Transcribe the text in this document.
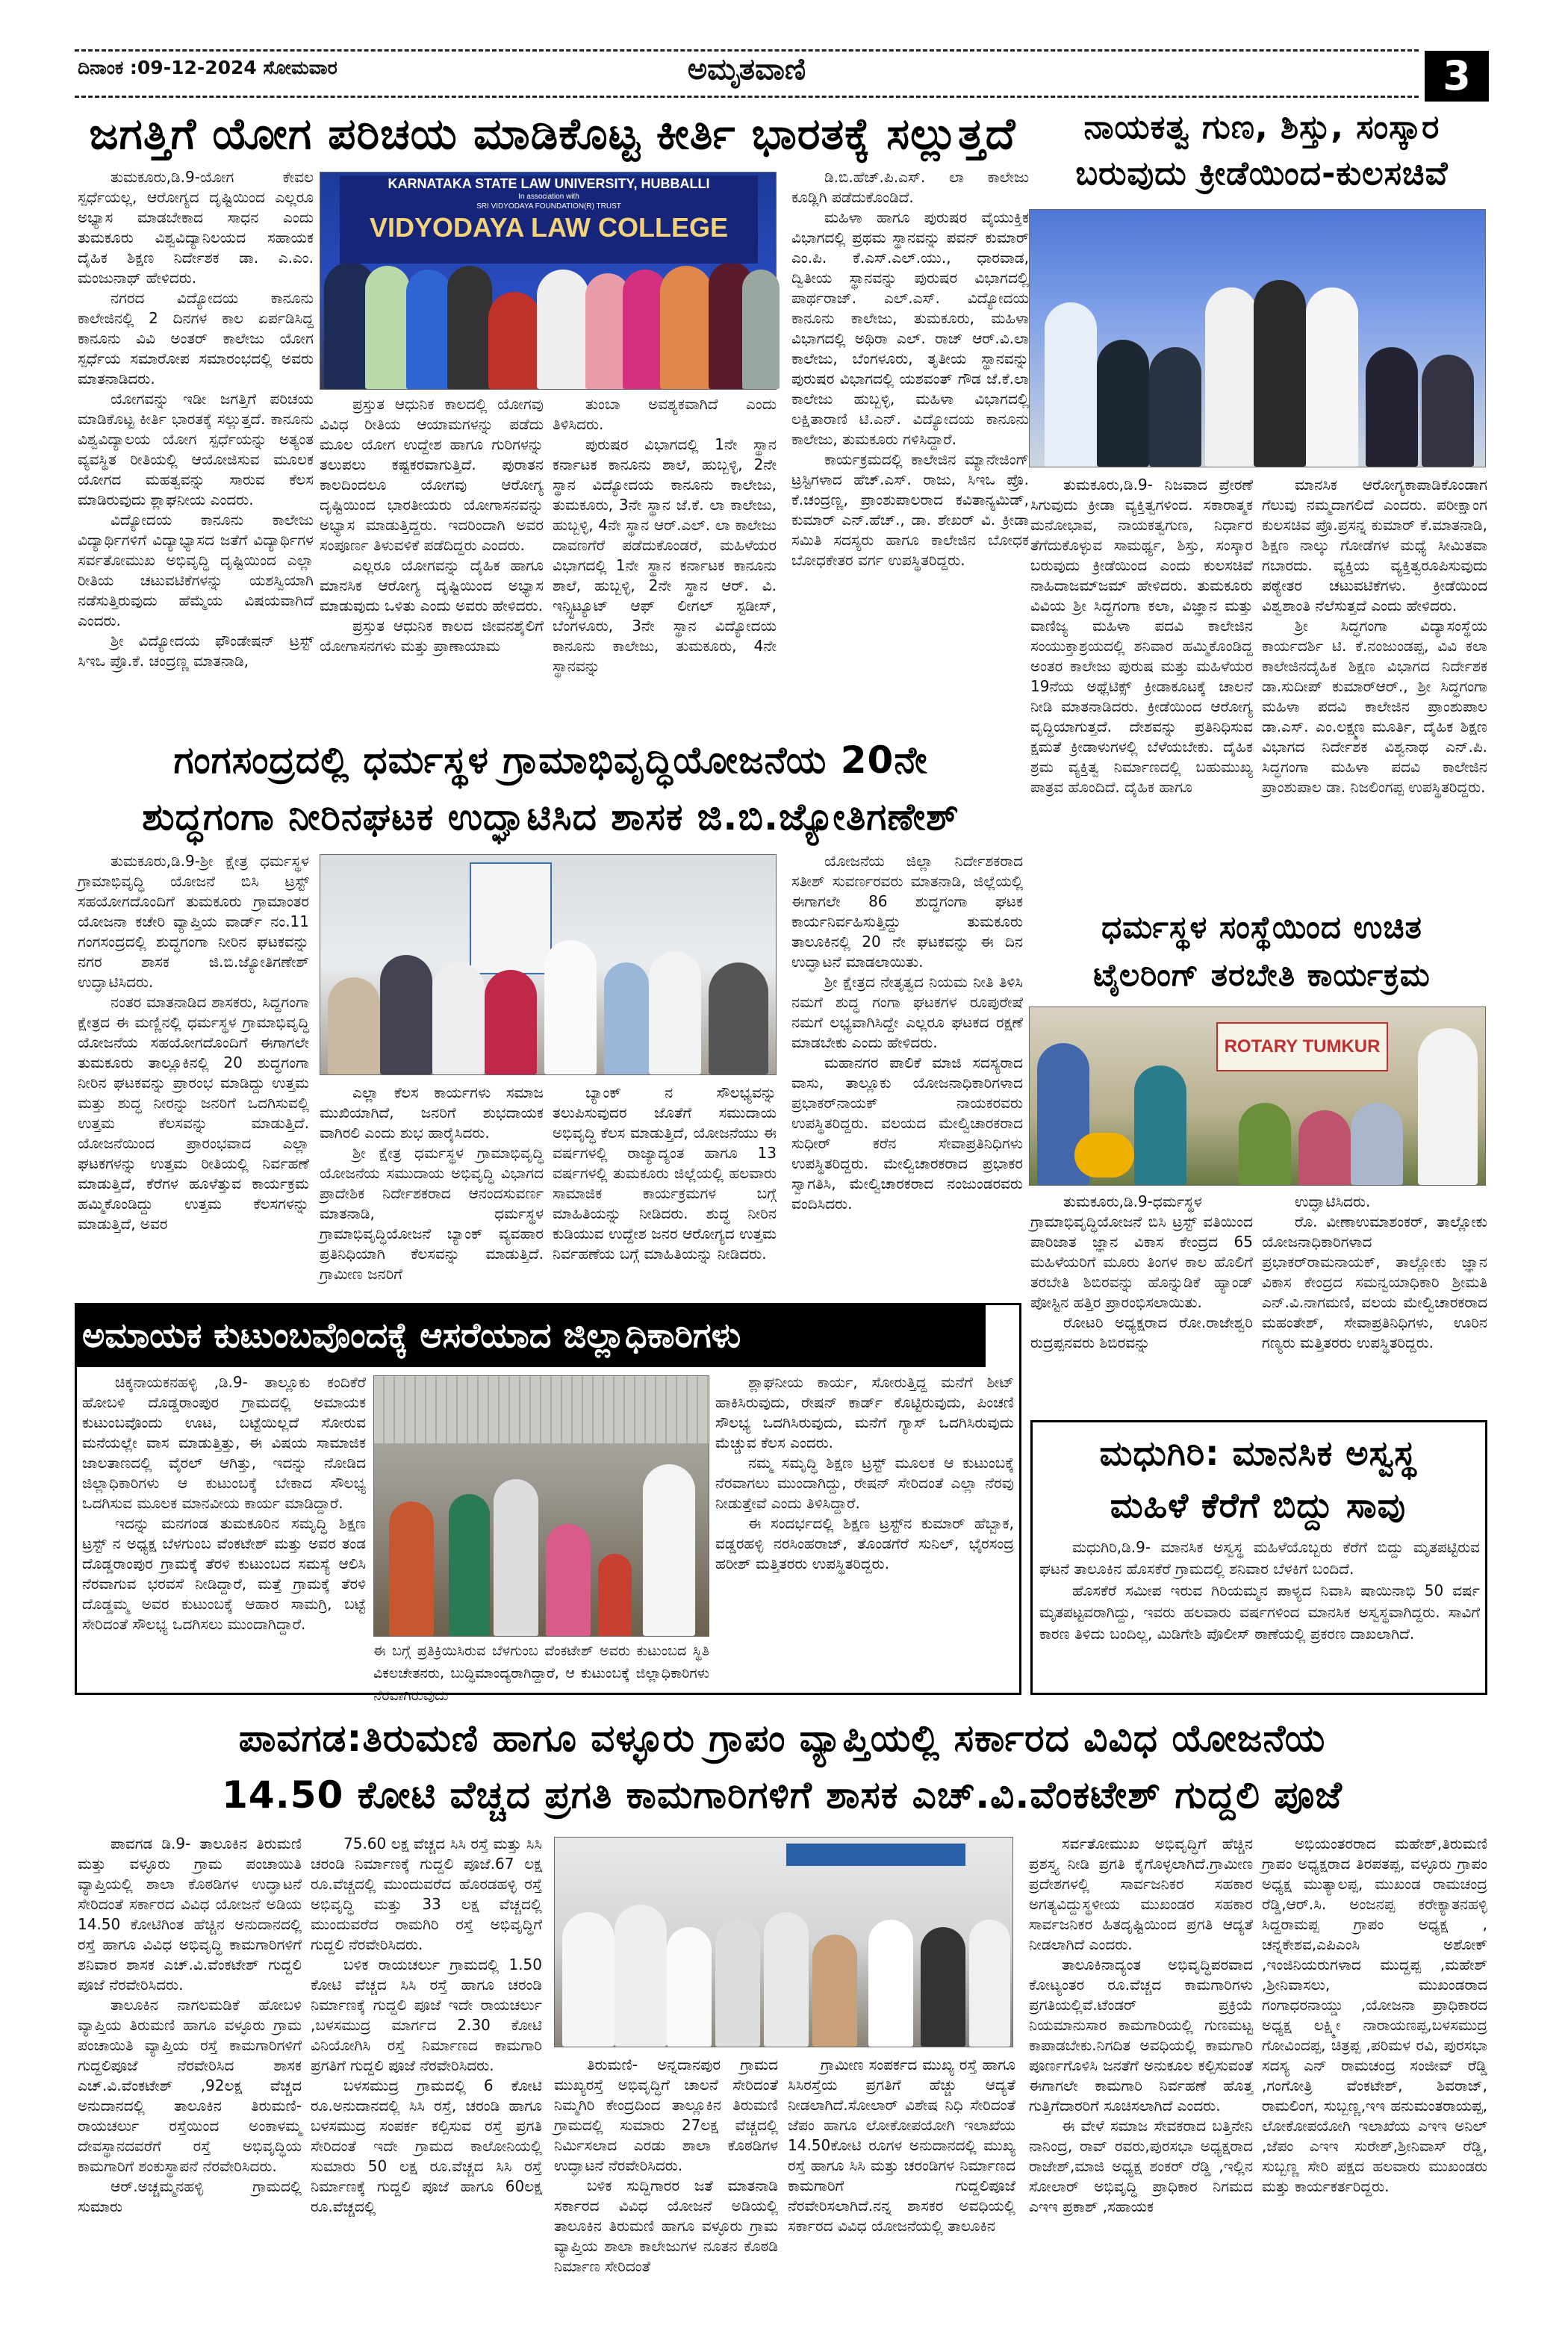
ದಿನಾಂಕ :09-12-2024 ಸೋಮವಾರ	ಅಮೃತವಾಣಿ	3
ಜಗತ್ತಿಗೆ ಯೋಗ ಪರಿಚಯ ಮಾಡಿಕೊಟ್ಟ ಕೀರ್ತಿ ಭಾರತಕ್ಕೆ ಸಲ್ಲುತ್ತದೆ

ತುಮಕೂರು,ಡಿ.9-ಯೋಗ ಕೇವಲ ಸ್ಪರ್ಧೆಯಲ್ಲ, ಆರೋಗ್ಯದ ದೃಷ್ಟಿಯಿಂದ ಎಲ್ಲರೂ ಅಭ್ಯಾಸ ಮಾಡಬೇಕಾದ ಸಾಧನ ಎಂದು ತುಮಕೂರು ವಿಶ್ವವಿದ್ಯಾನಿಲಯದ ಸಹಾಯಕ ದೈಹಿಕ ಶಿಕ್ಷಣ ನಿರ್ದೇಶಕ ಡಾ. ಎ.ಎಂ. ಮಂಜುನಾಥ್ ಹೇಳಿದರು.

ನಗರದ ವಿದ್ಯೋದಯ ಕಾನೂನು ಕಾಲೇಜಿನಲ್ಲಿ 2 ದಿನಗಳ ಕಾಲ ಏರ್ಪಡಿಸಿದ್ದ ಕಾನೂನು ವಿವಿ ಅಂತರ್ ಕಾಲೇಜು ಯೋಗ ಸ್ಪರ್ಧೆಯ ಸಮಾರೋಪ ಸಮಾರಂಭದಲ್ಲಿ ಅವರು ಮಾತನಾಡಿದರು.

ಯೋಗವನ್ನು ಇಡೀ ಜಗತ್ತಿಗೆ ಪರಿಚಯ ಮಾಡಿಕೊಟ್ಟ ಕೀರ್ತಿ ಭಾರತಕ್ಕೆ ಸಲ್ಲುತ್ತದೆ. ಕಾನೂನು ವಿಶ್ವವಿದ್ಯಾಲಯ ಯೋಗ ಸ್ಪರ್ಧೆಯನ್ನು ಅತ್ಯಂತ ವ್ಯವಸ್ಥಿತ ರೀತಿಯಲ್ಲಿ ಆಯೋಜಿಸುವ ಮೂಲಕ ಯೋಗದ ಮಹತ್ವವನ್ನು ಸಾರುವ ಕೆಲಸ ಮಾಡಿರುವುದು ಶ್ಲಾಘನೀಯ ಎಂದರು.

ವಿದ್ಯೋದಯ ಕಾನೂನು ಕಾಲೇಜು ವಿದ್ಯಾರ್ಥಿಗಳಿಗೆ ವಿದ್ಯಾಭ್ಯಾಸದ ಜತೆಗೆ ವಿದ್ಯಾರ್ಥಿಗಳ ಸರ್ವತೋಮುಖ ಅಭಿವೃದ್ಧಿ ದೃಷ್ಟಿಯಿಂದ ಎಲ್ಲಾ ರೀತಿಯ ಚಟುವಟಿಕೆಗಳನ್ನು ಯಶಸ್ವಿಯಾಗಿ ನಡೆಸುತ್ತಿರುವುದು ಹೆಮ್ಮೆಯ ವಿಷಯವಾಗಿದೆ ಎಂದರು.

ಶ್ರೀ ವಿದ್ಯೋದಯ ಫೌಂಡೇಷನ್ ಟ್ರಸ್ಟ್ ಸಿಇಒ ಪ್ರೊ.ಕೆ. ಚಂದ್ರಣ್ಣ ಮಾತನಾಡಿ,

KARNATAKA STATE LAW UNIVERSITY, HUBBALLI
In association with
SRI VIDYODAYA FOUNDATION(R) TRUST
VIDYODAYA LAW COLLEGE

ಪ್ರಸ್ತುತ ಆಧುನಿಕ ಕಾಲದಲ್ಲಿ ಯೋಗವು ವಿವಿಧ ರೀತಿಯ ಆಯಾಮಗಳನ್ನು ಪಡೆದು ಮೂಲ ಯೋಗ ಉದ್ದೇಶ ಹಾಗೂ ಗುರಿಗಳನ್ನು ತಲುಪಲು ಕಷ್ಟಕರವಾಗುತ್ತಿದೆ. ಪುರಾತನ ಕಾಲದಿಂದಲೂ ಯೋಗವು ಆರೋಗ್ಯ ದೃಷ್ಟಿಯಿಂದ ಭಾರತೀಯರು ಯೋಗಾಸನವನ್ನು ಅಭ್ಯಾಸ ಮಾಡುತ್ತಿದ್ದರು. ಇದರಿಂದಾಗಿ ಅವರ ಸಂಪೂರ್ಣ ತಿಳುವಳಿಕೆ ಪಡೆದಿದ್ದರು ಎಂದರು.

ಎಲ್ಲರೂ ಯೋಗವನ್ನು ದೈಹಿಕ ಹಾಗೂ ಮಾನಸಿಕ ಆರೋಗ್ಯ ದೃಷ್ಟಿಯಿಂದ ಅಭ್ಯಾಸ ಮಾಡುವುದು ಒಳಿತು ಎಂದು ಅವರು ಹೇಳಿದರು.

ಪ್ರಸ್ತುತ ಆಧುನಿಕ ಕಾಲದ ಜೀವನಶೈಲಿಗೆ ಯೋಗಾಸನಗಳು ಮತ್ತು ಪ್ರಾಣಾಯಾಮ

ತುಂಬಾ ಅವಶ್ಯಕವಾಗಿದೆ ಎಂದು ತಿಳಿಸಿದರು.

ಪುರುಷರ ವಿಭಾಗದಲ್ಲಿ 1ನೇ ಸ್ಥಾನ ಕರ್ನಾಟಕ ಕಾನೂನು ಶಾಲೆ, ಹುಬ್ಬಳ್ಳಿ, 2ನೇ ಸ್ಥಾನ ವಿದ್ಯೋದಯ ಕಾನೂನು ಕಾಲೇಜು, ತುಮಕೂರು, 3ನೇ ಸ್ಥಾನ ಜೆ.ಕೆ. ಲಾ ಕಾಲೇಜು, ಹುಬ್ಬಳ್ಳಿ, 4ನೇ ಸ್ಥಾನ ಆರ್.ಎಲ್. ಲಾ ಕಾಲೇಜು ದಾವಣಗೆರೆ ಪಡೆದುಕೊಂಡರೆ, ಮಹಿಳೆಯರ ವಿಭಾಗದಲ್ಲಿ 1ನೇ ಸ್ಥಾನ ಕರ್ನಾಟಕ ಕಾನೂನು ಶಾಲೆ, ಹುಬ್ಬಳ್ಳಿ, 2ನೇ ಸ್ಥಾನ ಆರ್. ವಿ. ಇನ್ಸ್ಟಿಟ್ಯೂಟ್ ಆಫ್ ಲೀಗಲ್ ಸ್ಟಡೀಸ್, ಬೆಂಗಳೂರು, 3ನೇ ಸ್ಥಾನ ವಿದ್ಯೋದಯ ಕಾನೂನು ಕಾಲೇಜು, ತುಮಕೂರು, 4ನೇ ಸ್ಥಾನವನ್ನು

ಡಿ.ಬಿ.ಹೆಚ್.ಪಿ.ಎಸ್. ಲಾ ಕಾಲೇಜು ಕೂಡ್ಲಿಗಿ ಪಡೆದುಕೊಂಡಿದೆ.

ಮಹಿಳಾ ಹಾಗೂ ಪುರುಷರ ವೈಯುಕ್ತಿಕ ವಿಭಾಗದಲ್ಲಿ ಪ್ರಥಮ ಸ್ಥಾನವನ್ನು ಪವನ್ ಕುಮಾರ್ ಎಂ.ಪಿ. ಕೆ.ಎಸ್.ಎಲ್.ಯು., ಧಾರವಾಡ, ದ್ವಿತೀಯ ಸ್ಥಾನವನ್ನು ಪುರುಷರ ವಿಭಾಗದಲ್ಲಿ ಪಾರ್ಥರಾಜ್. ಎಲ್.ಎಸ್. ವಿದ್ಯೋದಯ ಕಾನೂನು ಕಾಲೇಜು, ತುಮಕೂರು, ಮಹಿಳಾ ವಿಭಾಗದಲ್ಲಿ ಅಥಿರಾ ಎಲ್. ರಾಜ್ ಆರ್.ವಿ.ಲಾ ಕಾಲೇಜು, ಬೆಂಗಳೂರು, ತೃತೀಯ ಸ್ಥಾನವನ್ನು ಪುರುಷರ ವಿಭಾಗದಲ್ಲಿ ಯಶವಂತ್ ಗೌಡ ಜೆ.ಕೆ.ಲಾ ಕಾಲೇಜು ಹುಬ್ಬಳ್ಳಿ, ಮಹಿಳಾ ವಿಭಾಗದಲ್ಲಿ ಲಕ್ಷಿತಾರಾಣಿ ಟಿ.ಎನ್. ವಿದ್ಯೋದಯ ಕಾನೂನು ಕಾಲೇಜು, ತುಮಕೂರು ಗಳಿಸಿದ್ದಾರೆ.

ಕಾರ್ಯಕ್ರಮದಲ್ಲಿ ಕಾಲೇಜಿನ ಮ್ಯಾನೇಜಿಂಗ್ ಟ್ರಸ್ಟಿಗಳಾದ ಹೆಚ್.ಎಸ್. ರಾಜು, ಸಿಇಒ ಪ್ರೊ. ಕೆ.ಚಂದ್ರಣ್ಣ, ಪ್ರಾಂಶುಪಾಲರಾದ ಕವಿತಾನ್ಯಮಿಡ್, ಕುಮಾರ್ ಎನ್.ಹೆಚ್., ಡಾ. ಶೇಖರ್ ವಿ. ಕ್ರೀಡಾ ಸಮಿತಿ ಸದಸ್ಯರು ಹಾಗೂ ಕಾಲೇಜಿನ ಬೋಧಕ ಬೋಧಕೇತರ ವರ್ಗ ಉಪಸ್ಥಿತರಿದ್ದರು.

ನಾಯಕತ್ವ ಗುಣ, ಶಿಸ್ತು, ಸಂಸ್ಕಾರ
ಬರುವುದು ಕ್ರೀಡೆಯಿಂದ-ಕುಲಸಚಿವೆ

ತುಮಕೂರು,ಡಿ.9- ನಿಜವಾದ ಪ್ರೇರಣೆ ಸಿಗುವುದು ಕ್ರೀಡಾ ವ್ಯಕ್ತಿತ್ವಗಳಿಂದ. ಸಕಾರಾತ್ಮಕ ಮನೋಭಾವ, ನಾಯಕತ್ವಗುಣ, ನಿರ್ಧಾರ ತೆಗೆದುಕೊಳ್ಳುವ ಸಾಮರ್ಥ್ಯ, ಶಿಸ್ತು, ಸಂಸ್ಕಾರ ಬರುವುದು ಕ್ರೀಡೆಯಿಂದ ಎಂದು ಕುಲಸಚಿವೆ ನಾಹಿದಾಜಮ್‌ಜಮ್ ಹೇಳಿದರು. ತುಮಕೂರು ವಿವಿಯ ಶ್ರೀ ಸಿದ್ಧಗಂಗಾ ಕಲಾ, ವಿಜ್ಞಾನ ಮತ್ತು ವಾಣಿಜ್ಯ ಮಹಿಳಾ ಪದವಿ ಕಾಲೇಜಿನ ಸಂಯುಕ್ತಾಶ್ರಯದಲ್ಲಿ ಶನಿವಾರ ಹಮ್ಮಿಕೊಂಡಿದ್ದ ಅಂತರ ಕಾಲೇಜು ಪುರುಷ ಮತ್ತು ಮಹಿಳೆಯರ 19ನೆಯ ಅಥ್ಲೆಟಿಕ್ಸ್ ಕ್ರೀಡಾಕೂಟಕ್ಕೆ ಚಾಲನೆ ನೀಡಿ ಮಾತನಾಡಿದರು. ಕ್ರೀಡೆಯಿಂದ ಆರೋಗ್ಯ ವೃದ್ಧಿಯಾಗುತ್ತದೆ. ದೇಶವನ್ನು ಪ್ರತಿನಿಧಿಸುವ ಕ್ಷಮತೆ ಕ್ರೀಡಾಳುಗಳಲ್ಲಿ ಬೆಳೆಯಬೇಕು. ದೈಹಿಕ ಶ್ರಮ ವ್ಯಕ್ತಿತ್ವ ನಿರ್ಮಾಣದಲ್ಲಿ ಬಹುಮುಖ್ಯ ಪಾತ್ರವ ಹೊಂದಿದೆ. ದೈಹಿಕ ಹಾಗೂ

ಮಾನಸಿಕ ಆರೋಗ್ಯಕಾಪಾಡಿಕೊಂಡಾಗ ಗೆಲುವು ನಮ್ಮದಾಗಲಿದೆ ಎಂದರು. ಪರೀಕ್ಷಾಂಗ ಕುಲಸಚಿವ ಪ್ರೊ.ಪ್ರಸನ್ನ ಕುಮಾರ್ ಕೆ.ಮಾತನಾಡಿ, ಶಿಕ್ಷಣ ನಾಲ್ಕು ಗೋಡೆಗಳ ಮಧ್ಯೆ ಸೀಮಿತವಾ ಗಬಾರದು. ವ್ಯಕ್ತಿಯ ವ್ಯಕ್ತಿತ್ವರೂಪಿಸುವುದು ಪಠ್ಯೇತರ ಚಟುವಟಿಕೆಗಳು. ಕ್ರೀಡೆಯಿಂದ ವಿಶ್ವಶಾಂತಿ ನೆಲೆಸುತ್ತದೆ ಎಂದು ಹೇಳಿದರು.

ಶ್ರೀ ಸಿದ್ಧಗಂಗಾ ವಿದ್ಯಾಸಂಸ್ಥೆಯ ಕಾರ್ಯದರ್ಶಿ ಟಿ. ಕೆ.ನಂಜುಂಡಪ್ಪ, ವಿವಿ ಕಲಾ ಕಾಲೇಜಿನದೈಹಿಕ ಶಿಕ್ಷಣ ವಿಭಾಗದ ನಿರ್ದೇಶಕ ಡಾ.ಸುದೀಪ್ ಕುಮಾರ್‌ಆರ್., ಶ್ರೀ ಸಿದ್ಧಗಂಗಾ ಮಹಿಳಾ ಪದವಿ ಕಾಲೇಜಿನ ಪ್ರಾಂಶುಪಾಲ ಡಾ.ಎಸ್. ಎಂ.ಲಕ್ಷ್ಮಣ ಮೂರ್ತಿ, ದೈಹಿಕ ಶಿಕ್ಷಣ ವಿಭಾಗದ ನಿರ್ದೇಶಕ ವಿಶ್ವನಾಥ ಎನ್.ಪಿ. ಸಿದ್ಧಗಂಗಾ ಮಹಿಳಾ ಪದವಿ ಕಾಲೇಜಿನ ಪ್ರಾಂಶುಪಾಲ ಡಾ. ನಿಜಲಿಂಗಪ್ಪ ಉಪಸ್ಥಿತರಿದ್ದರು.

ಗಂಗಸಂದ್ರದಲ್ಲಿ ಧರ್ಮಸ್ಥಳ ಗ್ರಾಮಾಭಿವೃದ್ಧಿಯೋಜನೆಯ 20ನೇ
ಶುದ್ಧಗಂಗಾ ನೀರಿನಘಟಕ ಉದ್ಘಾಟಿಸಿದ ಶಾಸಕ ಜಿ.ಬಿ.ಜ್ಯೋತಿಗಣೇಶ್

ತುಮಕೂರು,ಡಿ.9-ಶ್ರೀ ಕ್ಷೇತ್ರ ಧರ್ಮಸ್ಥಳ ಗ್ರಾಮಾಭಿವೃದ್ಧಿ ಯೋಜನೆ ಬಿಸಿ ಟ್ರಸ್ಟ್ ಸಹಯೋಗದೊಂದಿಗೆ ತುಮಕೂರು ಗ್ರಾಮಾಂತರ ಯೋಜನಾ ಕಚೇರಿ ವ್ಯಾಪ್ತಿಯ ವಾರ್ಡ್ ನಂ.11 ಗಂಗಸಂದ್ರದಲ್ಲಿ ಶುದ್ಧಗಂಗಾ ನೀರಿನ ಘಟಕವನ್ನು ನಗರ ಶಾಸಕ ಜಿ.ಬಿ.ಜ್ಯೋತಿಗಣೇಶ್ ಉದ್ಘಾಟಿಸಿದರು.

ನಂತರ ಮಾತನಾಡಿದ ಶಾಸಕರು, ಸಿದ್ದಗಂಗಾ ಕ್ಷೇತ್ರದ ಈ ಮಣ್ಣಿನಲ್ಲಿ ಧರ್ಮಸ್ಥಳ ಗ್ರಾಮಾಭಿವೃದ್ಧಿ ಯೋಜನೆಯ ಸಹಯೋಗದೊಂದಿಗೆ ಈಗಾಗಲೇ ತುಮಕೂರು ತಾಲ್ಲೂಕಿನಲ್ಲಿ 20 ಶುದ್ಧಗಂಗಾ ನೀರಿನ ಘಟಕವನ್ನು ಪ್ರಾರಂಭ ಮಾಡಿದ್ದು ಉತ್ತಮ ಮತ್ತು ಶುದ್ಧ ನೀರನ್ನು ಜನರಿಗೆ ಒದಗಿಸುವಲ್ಲಿ ಉತ್ತಮ ಕೆಲಸವನ್ನು ಮಾಡುತ್ತಿದೆ. ಯೋಜನೆಯಿಂದ ಪ್ರಾರಂಭವಾದ ಎಲ್ಲಾ ಘಟಕಗಳನ್ನು ಉತ್ತಮ ರೀತಿಯಲ್ಲಿ ನಿರ್ವಹಣೆ ಮಾಡುತ್ತಿದೆ, ಕೆರೆಗಳ ಹೂಳೆತ್ತುವ ಕಾರ್ಯಕ್ರಮ ಹಮ್ಮಿಕೊಂಡಿದ್ದು ಉತ್ತಮ ಕೆಲಸಗಳನ್ನು ಮಾಡುತ್ತಿದೆ, ಅವರ

ಎಲ್ಲಾ ಕೆಲಸ ಕಾರ್ಯಗಳು ಸಮಾಜ ಮುಖಿಯಾಗಿದೆ, ಜನರಿಗೆ ಶುಭದಾಯಕ ವಾಗಿರಲಿ ಎಂದು ಶುಭ ಹಾರೈಸಿದರು.

ಶ್ರೀ ಕ್ಷೇತ್ರ ಧರ್ಮಸ್ಥಳ ಗ್ರಾಮಾಭಿವೃದ್ಧಿ ಯೋಜನೆಯ ಸಮುದಾಯ ಅಭಿವೃದ್ಧಿ ವಿಭಾಗದ ಪ್ರಾದೇಶಿಕ ನಿರ್ದೇಶಕರಾದ ಆನಂದಸುವರ್ಣ ಮಾತನಾಡಿ, ಧರ್ಮಸ್ಥಳ ಗ್ರಾಮಾಭಿವೃದ್ಧಿಯೋಜನೆ ಬ್ಯಾಂಕ್ ವ್ಯವಹಾರ ಪ್ರತಿನಿಧಿಯಾಗಿ ಕೆಲಸವನ್ನು ಮಾಡುತ್ತಿದೆ. ಗ್ರಾಮೀಣ ಜನರಿಗೆ

ಬ್ಯಾಂಕ್ ನ ಸೌಲಭ್ಯವನ್ನು ತಲುಪಿಸುವುದರ ಜೊತೆಗೆ ಸಮುದಾಯ ಅಭಿವೃದ್ಧಿ ಕೆಲಸ ಮಾಡುತ್ತಿದೆ, ಯೋಜನೆಯು ಈ ವರ್ಷಗಳಲ್ಲಿ ರಾಜ್ಯಾದ್ಯಂತ ಹಾಗೂ 13 ವರ್ಷಗಳಲ್ಲಿ ತುಮಕೂರು ಜಿಲ್ಲೆಯಲ್ಲಿ ಹಲವಾರು ಸಾಮಾಜಿಕ ಕಾರ್ಯಕ್ರಮಗಳ ಬಗ್ಗೆ ಮಾಹಿತಿಯನ್ನು ನೀಡಿದರು. ಶುದ್ಧ ನೀರಿನ ಕುಡಿಯುವ ಉದ್ದೇಶ ಜನರ ಆರೋಗ್ಯದ ಉತ್ತಮ ನಿರ್ವಹಣೆಯ ಬಗ್ಗೆ ಮಾಹಿತಿಯನ್ನು ನೀಡಿದರು.

ಯೋಜನೆಯ ಜಿಲ್ಲಾ ನಿರ್ದೇಶಕರಾದ ಸತೀಶ್ ಸುವರ್ಣರವರು ಮಾತನಾಡಿ, ಜಿಲ್ಲೆಯಲ್ಲಿ ಈಗಾಗಲೇ 86 ಶುದ್ಧಗಂಗಾ ಘಟಕ ಕಾರ್ಯನಿರ್ವಹಿಸುತ್ತಿದ್ದು ತುಮಕೂರು ತಾಲೂಕಿನಲ್ಲಿ 20 ನೇ ಘಟಕವನ್ನು ಈ ದಿನ ಉದ್ಘಾಟನೆ ಮಾಡಲಾಯಿತು.

ಶ್ರೀ ಕ್ಷೇತ್ರದ ನೇತೃತ್ವದ ನಿಯಮ ನೀತಿ ತಿಳಿಸಿ ನಮಗೆ ಶುದ್ಧ ಗಂಗಾ ಘಟಕಗಳ ರೂಪುರೇಷೆ ನಮಗೆ ಲಭ್ಯವಾಗಿಸಿದ್ದೇ ಎಲ್ಲರೂ ಘಟಕದ ರಕ್ಷಣೆ ಮಾಡಬೇಕು ಎಂದು ಹೇಳಿದರು.

ಮಹಾನಗರ ಪಾಲಿಕೆ ಮಾಜಿ ಸದಸ್ಯರಾದ ವಾಸು, ತಾಲ್ಲೂಕು ಯೋಜನಾಧಿಕಾರಿಗಳಾದ ಪ್ರಭಾಕರ್‌ನಾಯಕ್ ನಾಯಕರವರು ಉಪಸ್ಥಿತರಿದ್ದರು. ವಲಯದ ಮೇಲ್ವಿಚಾರಕರಾದ ಸುಧೀರ್ ಕರೆನ ಸೇವಾಪ್ರತಿನಿಧಿಗಳು ಉಪಸ್ಥಿತರಿದ್ದರು. ಮೇಲ್ವಿಚಾರಕರಾದ ಪ್ರಭಾಕರ ಸ್ವಾಗತಿಸಿ, ಮೇಲ್ವಿಚಾರಕರಾದ ನಂಜುಂಡರವರು ವಂದಿಸಿದರು.

ಧರ್ಮಸ್ಥಳ ಸಂಸ್ಥೆಯಿಂದ ಉಚಿತ
ಟೈಲರಿಂಗ್ ತರಬೇತಿ ಕಾರ್ಯಕ್ರಮ
ROTARY TUMKUR

ತುಮಕೂರು,ಡಿ.9-ಧರ್ಮಸ್ಥಳ ಗ್ರಾಮಾಭಿವೃದ್ಧಿಯೋಜನೆ ಬಿಸಿ ಟ್ರಸ್ಟ್ ವತಿಯಿಂದ ಪಾರಿಜಾತ ಜ್ಞಾನ ವಿಕಾಸ ಕೇಂದ್ರದ 65 ಮಹಿಳೆಯರಿಗೆ ಮೂರು ತಿಂಗಳ ಕಾಲ ಹೊಲಿಗೆ ತರಬೇತಿ ಶಿಬಿರವನ್ನು ಹೊನ್ನುಡಿಕೆ ಹ್ಯಾಂಡ್ ಪೋಸ್ಟಿನ ಹತ್ತಿರ ಪ್ರಾರಂಭಿಸಲಾಯಿತು.

ರೋಟರಿ ಅಧ್ಯಕ್ಷರಾದ ರೋ.ರಾಜೇಶ್ವರಿ ರುದ್ರಪ್ಪನವರು ಶಿಬಿರವನ್ನು

ಉದ್ಘಾಟಿಸಿದರು.

ರೊ. ವೀಣಾಉಮಾಶಂಕರ್, ತಾಲ್ಲೋಕು ಯೋಜನಾಧಿಕಾರಿಗಳಾದ ಪ್ರಭಾಕರ್‌ರಾಮನಾಯಕ್, ತಾಲ್ಲೋಕು ಜ್ಞಾನ ವಿಕಾಸ ಕೇಂದ್ರದ ಸಮನ್ವಯಾಧಿಕಾರಿ ಶ್ರೀಮತಿ ಎನ್.ವಿ.ನಾಗಮಣಿ, ವಲಯ ಮೇಲ್ವಿಚಾರಕರಾದ ಮಹಂತೇಶ್, ಸೇವಾಪ್ರತಿನಿಧಿಗಳು, ಊರಿನ ಗಣ್ಯರು ಮತ್ತಿತರರು ಉಪಸ್ಥಿತರಿದ್ದರು.

ಅಮಾಯಕ ಕುಟುಂಬವೊಂದಕ್ಕೆ ಆಸರೆಯಾದ ಜಿಲ್ಲಾಧಿಕಾರಿಗಳು

ಚಿಕ್ಕನಾಯಕನಹಳ್ಳಿ ,ಡಿ.9- ತಾಲ್ಲೂಕು ಕಂದಿಕೆರೆ ಹೋಬಳಿ ದೊಡ್ಡರಾಂಪುರ ಗ್ರಾಮದಲ್ಲಿ ಅಮಾಯಕ ಕುಟುಂಬವೊಂದು ಊಟ, ಬಟ್ಟೆಯಿಲ್ಲದೆ ಸೋರುವ ಮನೆಯಲ್ಲೇ ವಾಸ ಮಾಡುತ್ತಿತ್ತು, ಈ ವಿಷಯ ಸಾಮಾಜಿಕ ಜಾಲತಾಣದಲ್ಲಿ ವೈರಲ್ ಆಗಿತ್ತು, ಇದನ್ನು ನೋಡಿದ ಜಿಲ್ಲಾಧಿಕಾರಿಗಳು ಆ ಕುಟುಂಬಕ್ಕೆ ಬೇಕಾದ ಸೌಲಭ್ಯ ಒದಗಿಸುವ ಮೂಲಕ ಮಾನವೀಯ ಕಾರ್ಯ ಮಾಡಿದ್ದಾರೆ.

ಇದನ್ನು ಮನಗಂಡ ತುಮಕೂರಿನ ಸಮೃದ್ಧಿ ಶಿಕ್ಷಣ ಟ್ರಸ್ಟ್ ನ ಅಧ್ಯಕ್ಷ ಬೆಳಗುಂಬ ವೆಂಕಟೇಶ್ ಮತ್ತು ಅವರ ತಂಡ ದೊಡ್ಡರಾಂಪುರ ಗ್ರಾಮಕ್ಕೆ ತೆರಳಿ ಕುಟುಂಬದ ಸಮಸ್ಯೆ ಆಲಿಸಿ ನೆರವಾಗುವ ಭರವಸೆ ನೀಡಿದ್ದಾರೆ, ಮತ್ತೆ ಗ್ರಾಮಕ್ಕೆ ತೆರಳಿ ದೊಡ್ಡಮ್ಮ ಅವರ ಕುಟುಂಬಕ್ಕೆ ಆಹಾರ ಸಾಮಗ್ರಿ, ಬಟ್ಟೆ ಸೇರಿದಂತೆ ಸೌಲಭ್ಯ ಒದಗಿಸಲು ಮುಂದಾಗಿದ್ದಾರೆ.

ಈ ಬಗ್ಗೆ ಪ್ರತಿಕ್ರಿಯಿಸಿರುವ ಬೆಳಗುಂಬ ವೆಂಕಟೇಶ್ ಅವರು ಕುಟುಂಬದ ಸ್ಥಿತಿ ವಿಕಲಚೇತನರು, ಬುದ್ಧಿಮಾಂದ್ಯರಾಗಿದ್ದಾರೆ, ಆ ಕುಟುಂಬಕ್ಕೆ ಜಿಲ್ಲಾಧಿಕಾರಿಗಳು ನೆರವಾಗಿರುವುದು

ಶ್ಲಾಘನೀಯ ಕಾರ್ಯ, ಸೋರುತ್ತಿದ್ದ ಮನೆಗೆ ಶೀಟ್ ಹಾಕಿಸಿರುವುದು, ರೇಷನ್ ಕಾರ್ಡ್ ಕೊಟ್ಟಿರುವುದು, ಪಿಂಚಣಿ ಸೌಲಭ್ಯ ಒದಗಿಸಿರುವುದು, ಮನೆಗೆ ಗ್ಯಾಸ್ ಒದಗಿಸಿರುವುದು ಮೆಚ್ಚುವ ಕೆಲಸ ಎಂದರು.

ನಮ್ಮ ಸಮೃದ್ಧಿ ಶಿಕ್ಷಣ ಟ್ರಸ್ಟ್ ಮೂಲಕ ಆ ಕುಟುಂಬಕ್ಕೆ ನೆರವಾಗಲು ಮುಂದಾಗಿದ್ದು, ರೇಷನ್ ಸೇರಿದಂತೆ ಎಲ್ಲಾ ನೆರವು ನೀಡುತ್ತೇವೆ ಎಂದು ತಿಳಿಸಿದ್ದಾರೆ.

ಈ ಸಂದರ್ಭದಲ್ಲಿ ಶಿಕ್ಷಣ ಟ್ರಸ್ಟ್‌ನ ಕುಮಾರ್ ಹೆಬ್ಬಾಕ, ವಡ್ಡರಹಳ್ಳಿ ನರಸಿಂಹರಾಜ್, ತೊಂಡಗೆರೆ ಸುನಿಲ್, ಭೈರಸಂದ್ರ ಹರೀಶ್ ಮತ್ತಿತರರು ಉಪಸ್ಥಿತರಿದ್ದರು.

ಮಧುಗಿರಿ: ಮಾನಸಿಕ ಅಸ್ವಸ್ಥ
ಮಹಿಳೆ ಕೆರೆಗೆ ಬಿದ್ದು ಸಾವು

ಮಧುಗಿರಿ,ಡಿ.9- ಮಾನಸಿಕ ಅಸ್ವಸ್ಥ ಮಹಿಳೆಯೊಬ್ಬರು ಕೆರೆಗೆ ಬಿದ್ದು ಮೃತಪಟ್ಟಿರುವ ಘಟನೆ ತಾಲೂಕಿನ ಹೊಸಕೆರೆ ಗ್ರಾಮದಲ್ಲಿ ಶನಿವಾರ ಬೆಳಕಿಗೆ ಬಂದಿದೆ.

ಹೊಸಕೆರೆ ಸಮೀಪ ಇರುವ ಗಿರಿಯಮ್ಮನ ಪಾಳ್ಯದ ನಿವಾಸಿ ಷಾಯಿನಾಭಿ 50 ವರ್ಷ ಮೃತಪಟ್ಟವರಾಗಿದ್ದು, ಇವರು ಹಲವಾರು ವರ್ಷಗಳಿಂದ ಮಾನಸಿಕ ಅಸ್ವಸ್ಥವಾಗಿದ್ದರು. ಸಾವಿಗೆ ಕಾರಣ ತಿಳಿದು ಬಂದಿಲ್ಲ, ಮಿಡಿಗೇಶಿ ಪೊಲೀಸ್ ಠಾಣೆಯಲ್ಲಿ ಪ್ರಕರಣ ದಾಖಲಾಗಿದೆ.

ಪಾವಗಡ:ತಿರುಮಣಿ ಹಾಗೂ ವಳ್ಳೂರು ಗ್ರಾಪಂ ವ್ಯಾಪ್ತಿಯಲ್ಲಿ ಸರ್ಕಾರದ ವಿವಿಧ ಯೋಜನೆಯ
14.50 ಕೋಟಿ ವೆಚ್ಚದ ಪ್ರಗತಿ ಕಾಮಗಾರಿಗಳಿಗೆ ಶಾಸಕ ಎಚ್.ವಿ.ವೆಂಕಟೇಶ್ ಗುದ್ದಲಿ ಪೂಜೆ

ಪಾವಗಡ ಡಿ.9- ತಾಲೂಕಿನ ತಿರುಮಣಿ ಮತ್ತು ವಳ್ಳೂರು ಗ್ರಾಮ ಪಂಚಾಯಿತಿ ವ್ಯಾಪ್ತಿಯಲ್ಲಿ ಶಾಲಾ ಕೊಠಡಿಗಳ ಉದ್ಘಾಟನೆ ಸೇರಿದಂತೆ ಸರ್ಕಾರದ ವಿವಿಧ ಯೋಜನೆ ಅಡಿಯ 14.50 ಕೋಟಿಗಿಂತ ಹೆಚ್ಚಿನ ಅನುದಾನದಲ್ಲಿ ರಸ್ತೆ ಹಾಗೂ ವಿವಿಧ ಅಭಿವೃದ್ಧಿ ಕಾಮಗಾರಿಗಳಿಗೆ ಶನಿವಾರ ಶಾಸಕ ಎಚ್.ವಿ.ವೆಂಕಟೇಶ್ ಗುದ್ದಲಿ ಪೂಜೆ ನೆರವೇರಿಸಿದರು.

ತಾಲೂಕಿನ ನಾಗಲಮಡಿಕೆ ಹೋಬಳಿ ವ್ಯಾಪ್ತಿಯ ತಿರುಮಣಿ ಹಾಗೂ ವಳ್ಳೂರು ಗ್ರಾಮ ಪಂಚಾಯಿತಿ ವ್ಯಾಪ್ತಿಯ ರಸ್ತೆ ಕಾಮಗಾರಿಗಳಿಗೆ ಗುದ್ದಲಿಪೂಜೆ ನೆರವೇರಿಸಿದ ಶಾಸಕ ಎಚ್.ವಿ.ವೆಂಕಟೇಶ್ ,92ಲಕ್ಷ ವೆಚ್ಚದ ಅನುದಾನದಲ್ಲಿ ತಾಲೂಕಿನ ತಿರುಮಣಿ-ರಾಯಚರ್ಲು ರಸ್ತೆಯಿಂದ ಅಂಕಾಳಮ್ಮ ದೇವಸ್ಥಾನದವರೆಗೆ ರಸ್ತೆ ಅಭಿವೃದ್ಧಿಯ ಕಾಮಗಾರಿಗೆ ಶಂಕುಸ್ಥಾಪನೆ ನೆರವೇರಿಸಿದರು.

ಆರ್.ಅಚ್ಚಮ್ಮನಹಳ್ಳಿ ಗ್ರಾಮದಲ್ಲಿ ಸುಮಾರು

75.60 ಲಕ್ಷ ವೆಚ್ಚದ ಸಿಸಿ ರಸ್ತೆ ಮತ್ತು ಸಿಸಿ ಚರಂಡಿ ನಿರ್ಮಾಣಕ್ಕೆ ಗುದ್ದಲಿ ಪೂಜೆ.67 ಲಕ್ಷ ರೂ.ವೆಚ್ಚದಲ್ಲಿ ಮುಂದುವರೆದ ಹೊರಡಹಳ್ಳಿ ರಸ್ತೆ ಅಭಿವೃದ್ಧಿ ಮತ್ತು 33 ಲಕ್ಷ ವೆಚ್ಚದಲ್ಲಿ ಮುಂದುವರೆದ ರಾಮಗಿರಿ ರಸ್ತೆ ಅಭಿವೃದ್ಧಿಗೆ ಗುದ್ದಲಿ ನೆರವೇರಿಸಿದರು.

ಬಳಿಕ ರಾಯಚರ್ಲು ಗ್ರಾಮದಲ್ಲಿ 1.50 ಕೋಟಿ ವೆಚ್ಚದ ಸಿಸಿ ರಸ್ತೆ ಹಾಗೂ ಚರಂಡಿ ನಿರ್ಮಾಣಕ್ಕೆ ಗುದ್ದಲಿ ಪೂಜೆ ಇದೇ ರಾಯಚರ್ಲು ,ಬಳಸಮುದ್ರ ಮಾರ್ಗದ 2.30 ಕೋಟಿ ವಿನಿಯೋಗಿಸಿ ರಸ್ತೆ ನಿರ್ಮಾಣದ ಕಾಮಗಾರಿ ಪ್ರಗತಿಗೆ ಗುದ್ದಲಿ ಪೂಜೆ ನೆರವೇರಿಸಿದರು.

ಬಳಸಮುದ್ರ ಗ್ರಾಮದಲ್ಲಿ 6 ಕೋಟಿ ರೂ.ಅನುದಾನದಲ್ಲಿ ಸಿಸಿ ರಸ್ತೆ, ಚರಂಡಿ ಹಾಗೂ ಬಳಸಮುದ್ರ ಸಂಪರ್ಕ ಕಲ್ಪಿಸುವ ರಸ್ತೆ ಪ್ರಗತಿ ಸೇರಿದಂತೆ ಇದೇ ಗ್ರಾಮದ ಕಾಲೋನಿಯಲ್ಲಿ ಸುಮಾರು 50 ಲಕ್ಷ ರೂ.ವೆಚ್ಚದ ಸಿಸಿ ರಸ್ತೆ ನಿರ್ಮಾಣಕ್ಕೆ ಗುದ್ದಲಿ ಪೂಜೆ ಹಾಗೂ 60ಲಕ್ಷ ರೂ.ವೆಚ್ಚದಲ್ಲಿ

ತಿರುಮಣಿ- ಅನ್ನದಾನಪುರ ಗ್ರಾಮದ ಮುಖ್ಯರಸ್ತೆ ಅಭಿವೃದ್ಧಿಗೆ ಚಾಲನೆ ಸೇರಿದಂತೆ ನಿಮ್ಮಗಿರಿ ಕೇಂದ್ರದಿಂದ ತಾಲ್ಲೂಕಿನ ತಿರುಮಣಿ ಗ್ರಾಮದಲ್ಲಿ ಸುಮಾರು 27ಲಕ್ಷ ವೆಚ್ಚದಲ್ಲಿ ನಿರ್ಮಿಸಲಾದ ಎರಡು ಶಾಲಾ ಕೊಠಡಿಗಳ ಉದ್ಘಾಟನೆ ನೆರವೇರಿಸಿದರು.

ಬಳಿಕ ಸುದ್ದಿಗಾರರ ಜತೆ ಮಾತನಾಡಿ ಸರ್ಕಾರದ ವಿವಿಧ ಯೋಜನೆ ಅಡಿಯಲ್ಲಿ ತಾಲೂಕಿನ ತಿರುಮಣಿ ಹಾಗೂ ವಳ್ಳೂರು ಗ್ರಾಮ ವ್ಯಾಪ್ತಿಯ ಶಾಲಾ ಕಾಲೇಜುಗಳ ನೂತನ ಕೊಠಡಿ ನಿರ್ಮಾಣ ಸೇರಿದಂತೆ

ಗ್ರಾಮೀಣ ಸಂಪರ್ಕದ ಮುಖ್ಯ ರಸ್ತೆ ಹಾಗೂ ಸಿಸಿರಸ್ತೆಯ ಪ್ರಗತಿಗೆ ಹೆಚ್ಚು ಆದ್ಯತೆ ನೀಡಲಾಗಿದೆ.ಸೋಲಾರ್ ವಿಶೇಷ ನಿಧಿ ಸೇರಿದಂತೆ ಜೆಪಂ ಹಾಗೂ ಲೋಕೋಪಯೋಗಿ ಇಲಾಖೆಯ 14.50ಕೋಟಿ ರೂಗಳ ಅನುದಾನದಲ್ಲಿ ಮುಖ್ಯ ರಸ್ತೆ ಹಾಗೂ ಸಿಸಿ ಮತ್ತು ಚರಂಡಿಗಳ ನಿರ್ಮಾಣದ ಕಾಮಗಾರಿಗೆ ಗುದ್ದಲಿಪೂಜೆ ನೆರವೇರಿಸಲಾಗಿದೆ.ನನ್ನ ಶಾಸಕರ ಅವಧಿಯಲ್ಲಿ ಸರ್ಕಾರದ ವಿವಿಧ ಯೋಜನೆಯಲ್ಲಿ ತಾಲೂಕಿನ

ಸರ್ವತೋಮುಖ ಅಭಿವೃದ್ಧಿಗೆ ಹೆಚ್ಚಿನ ಪ್ರಶಸ್ತ್ಯ ನೀಡಿ ಪ್ರಗತಿ ಕೈಗೊಳ್ಳಲಾಗಿದೆ.ಗ್ರಾಮೀಣ ಪ್ರದೇಶಗಳಲ್ಲಿ ಸಾರ್ವಜನಿಕರ ಸಹಕಾರ ಅಗತ್ಯವಿದ್ದುಸ್ಥಳೀಯ ಮುಖಂಡರ ಸಹಕಾರ ಸಾರ್ವಜನಿಕರ ಹಿತದೃಷ್ಟಿಯಿಂದ ಪ್ರಗತಿ ಆದ್ಯತೆ ನೀಡಲಾಗಿದೆ ಎಂದರು.

ತಾಲೂಕಿನಾದ್ಯಂತ ಅಭಿವೃದ್ಧಿಪರವಾದ ಕೋಟ್ಯಂತರ ರೂ.ವೆಚ್ಚದ ಕಾಮಗಾರಿಗಳು ಪ್ರಗತಿಯಲ್ಲಿವೆ.ಟೆಂಡರ್ ಪ್ರಕ್ರಿಯೆ ನಿಯಮಾನುಸಾರ ಕಾಮಗಾರಿಯಲ್ಲಿ ಗುಣಮಟ್ಟ ಕಾಪಾಡಬೇಕು.ನಿಗದಿತ ಅವಧಿಯಲ್ಲಿ ಕಾಮಗಾರಿ ಪೂರ್ಣಗೊಳಿಸಿ ಜನತೆಗೆ ಅನುಕೂಲ ಕಲ್ಪಿಸುವಂತೆ ಈಗಾಗಲೇ ಕಾಮಗಾರಿ ನಿರ್ವಹಣೆ ಹೊತ್ತ ಗುತ್ತಿಗೆದಾರರಿಗೆ ಸೂಚಿಸಲಾಗಿದೆ ಎಂದರು.

ಈ ವೇಳೆ ಸಮಾಜ ಸೇವಕರಾದ ಬತ್ತಿನೇನಿ ನಾನಿಂದ್ರ, ರಾವ್ ರವರು,ಪುರಸಭಾ ಅಧ್ಯಕ್ಷರಾದ ರಾಜೇಶ್,ಮಾಜಿ ಅಧ್ಯಕ್ಷ ಶಂಕರ್ ರೆಡ್ಡಿ ,ಇಲ್ಲಿನ ಸೋಲಾರ್ ಅಭಿವೃದ್ಧಿ ಪ್ರಾಧಿಕಾರ ನಿಗಮದ ಎಇಇ ಪ್ರಕಾಶ್ ,ಸಹಾಯಕ

ಅಭಿಯಂತರರಾದ ಮಹೇಶ್,ತಿರುಮಣಿ ಗ್ರಾಪಂ ಅಧ್ಯಕ್ಷರಾದ ತಿರಪತಪ್ಪ, ವಳ್ಳೂರು ಗ್ರಾಪಂ ಅಧ್ಯಕ್ಷ ಮುತ್ಯಾಲಪ್ಪ, ಮುಖಂಡ ರಾಮಚಂದ್ರ ರೆಡ್ಡಿ,ಆರ್.ಸಿ. ಅಂಜನಪ್ಪ ಕರೇಕ್ಯಾತನಹಳ್ಳಿ ಸಿದ್ದರಾಮಪ್ಪ ಗ್ರಾಪಂ ಅಧ್ಯಕ್ಷ , ಚನ್ನಕೇಶವ,ಎಪಿಎಂಸಿ ಅಶೋಕ್ ,ಇಂಜಿನಿಯರುಗಳಾದ ಮುದ್ದಪ್ಪ ,ಮಹೇಶ್ ,ಶ್ರೀನಿವಾಸಲು, ಮುಖಂಡರಾದ ಗಂಗಾಧರನಾಯ್ಡು ,ಯೋಜನಾ ಪ್ರಾಧಿಕಾರದ ಅಧ್ಯಕ್ಷ ಲಕ್ಷ್ಮೀ ನಾರಾಯಣಪ್ಪ,ಬಳಸಮುದ್ರ ಗೋವಿಂದಪ್ಪ, ಚಿತ್ರಪ್ಪ ,ಪರಿಮಳ ರವಿ, ಪುರಸಭಾ ಸದಸ್ಯ ಎನ್ ರಾಮಚಂದ್ರ ಸಂಜೀವ್ ರೆಡ್ಡಿ ,ಗಂಗೋತ್ರಿ ವೆಂಕಟೇಶ್, ಶಿವರಾಜ್, ರಾಮಲಿಂಗ, ಸುಬ್ಬಣ್ಣ,ಇಇ ಹನುಮಂತರಾಯಪ್ಪ, ಲೋಕೋಪಯೋಗಿ ಇಲಾಖೆಯ ಎಇಇ ಅನಿಲ್ ,ಜೆಪಂ ಎಇಇ ಸುರೇಶ್,ಶ್ರೀನಿವಾಸ್ ರೆಡ್ಡಿ, ಸುಬ್ಬಣ್ಣ ಸೇರಿ ಪಕ್ಷದ ಹಲವಾರು ಮುಖಂಡರು ಮತ್ತು ಕಾರ್ಯಕರ್ತರಿದ್ದರು.
